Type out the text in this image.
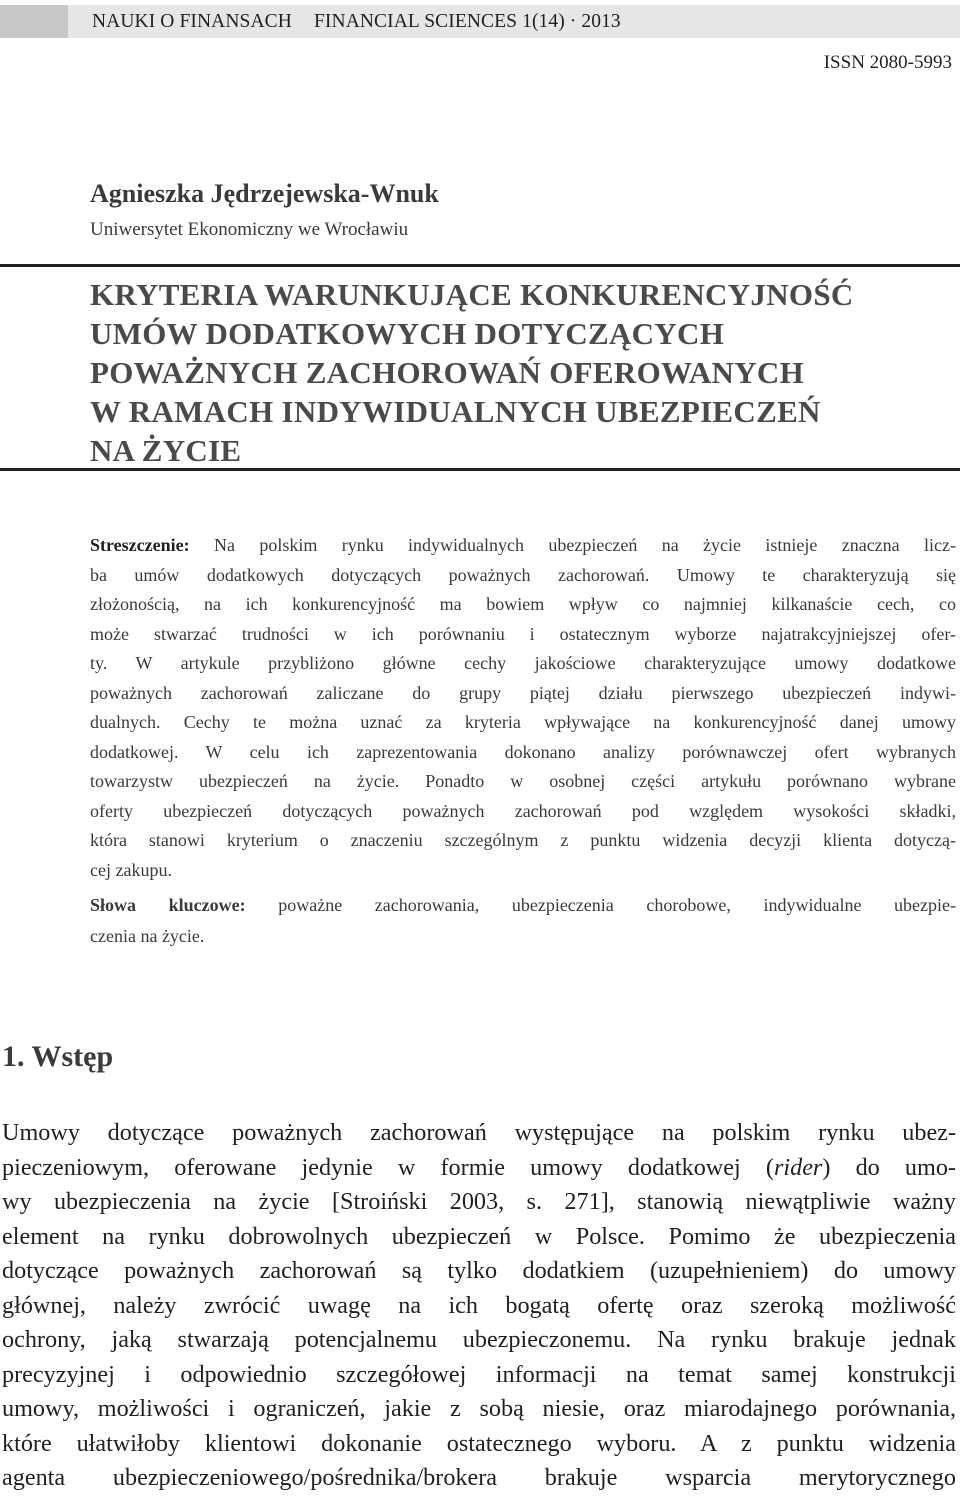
NAUKI O FINANSACH FINANCIAL SCIENCES 1(14) · 2013
ISSN 2080-5993
Agnieszka Jędrzejewska-Wnuk
Uniwersytet Ekonomiczny we Wrocławiu
KRYTERIA WARUNKUJĄCE KONKURENCYJNOŚĆ
UMÓW DODATKOWYCH DOTYCZĄCYCH
POWAŻNYCH ZACHOROWAŃ OFEROWANYCH
W RAMACH INDYWIDUALNYCH UBEZPIECZEŃ
NA ŻYCIE
Streszczenie: Na polskim rynku indywidualnych ubezpieczeń na życie istnieje znaczna licz-
ba umów dodatkowych dotyczących poważnych zachorowań. Umowy te charakteryzują się
złożonością, na ich konkurencyjność ma bowiem wpływ co najmniej kilkanaście cech, co
może stwarzać trudności w ich porównaniu i ostatecznym wyborze najatrakcyjniejszej ofer-
ty. W artykule przybliżono główne cechy jakościowe charakteryzujące umowy dodatkowe
poważnych zachorowań zaliczane do grupy piątej działu pierwszego ubezpieczeń indywi-
dualnych. Cechy te można uznać za kryteria wpływające na konkurencyjność danej umowy
dodatkowej. W celu ich zaprezentowania dokonano analizy porównawczej ofert wybranych
towarzystw ubezpieczeń na życie. Ponadto w osobnej części artykułu porównano wybrane
oferty ubezpieczeń dotyczących poważnych zachorowań pod względem wysokości składki,
która stanowi kryterium o znaczeniu szczególnym z punktu widzenia decyzji klienta dotyczą-
cej zakupu.
Słowa kluczowe: poważne zachorowania, ubezpieczenia chorobowe, indywidualne ubezpie-
czenia na życie.
1. Wstęp
Umowy dotyczące poważnych zachorowań występujące na polskim rynku ubez-
pieczeniowym, oferowane jedynie w formie umowy dodatkowej (rider) do umo-
wy ubezpieczenia na życie [Stroiński 2003, s. 271], stanowią niewątpliwie ważny
element na rynku dobrowolnych ubezpieczeń w Polsce. Pomimo że ubezpieczenia
dotyczące poważnych zachorowań są tylko dodatkiem (uzupełnieniem) do umowy
głównej, należy zwrócić uwagę na ich bogatą ofertę oraz szeroką możliwość
ochrony, jaką stwarzają potencjalnemu ubezpieczonemu. Na rynku brakuje jednak
precyzyjnej i odpowiednio szczegółowej informacji na temat samej konstrukcji
umowy, możliwości i ograniczeń, jakie z sobą niesie, oraz miarodajnego porównania,
które ułatwiłoby klientowi dokonanie ostatecznego wyboru. A z punktu widzenia
agenta ubezpieczeniowego/pośrednika/brokera brakuje wsparcia merytorycznego
